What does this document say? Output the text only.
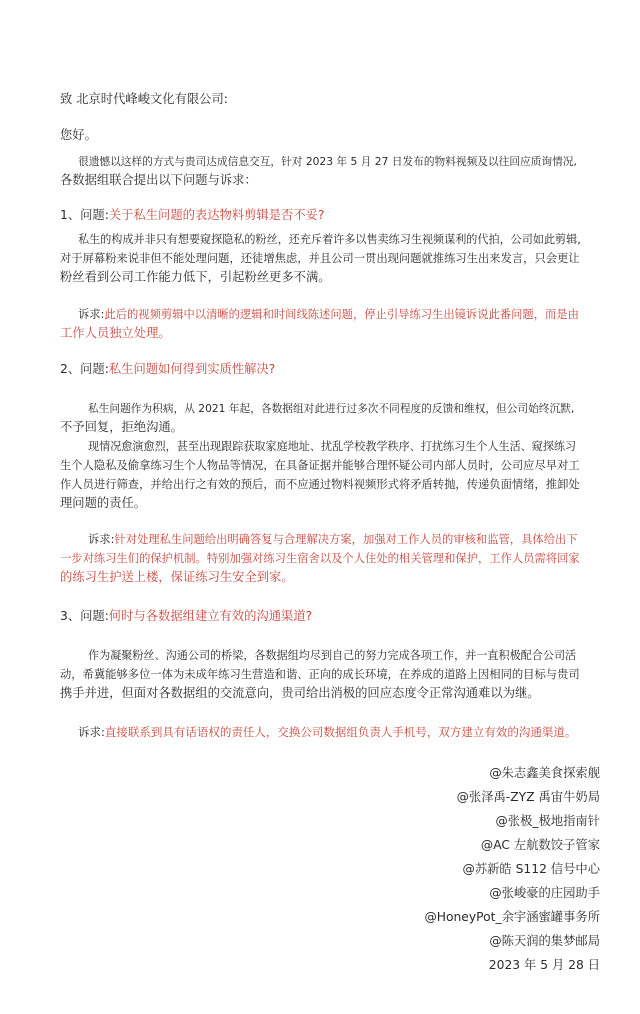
致 北京时代峰峻文化有限公司:
您好。
很遗憾以这样的方式与贵司达成信息交互，针对 2023 年 5 月 27 日发布的物料视频及以往回应质询情况,
各数据组联合提出以下问题与诉求：
1、问题:关于私生问题的表达物料剪辑是否不妥?
私生的构成并非只有想要窥探隐私的粉丝，还充斥着许多以售卖练习生视频谋利的代拍，公司如此剪辑,
对于屏幕粉来说非但不能处理问题，还徒增焦虑，并且公司一贯出现问题就推练习生出来发言，只会更让
粉丝看到公司工作能力低下，引起粉丝更多不满。
诉求:此后的视频剪辑中以清晰的逻辑和时间线陈述问题，停止引导练习生出镜诉说此番问题，而是由
工作人员独立处理。
2、问题:私生问题如何得到实质性解决?
私生问题作为积病，从 2021 年起，各数据组对此进行过多次不同程度的反馈和维权，但公司始终沉默,
不予回复，拒绝沟通。
现情况愈演愈烈，甚至出现跟踪获取家庭地址、扰乱学校教学秩序、打扰练习生个人生活、窥探练习
生个人隐私及偷拿练习生个人物品等情况，在具备证据并能够合理怀疑公司内部人员时，公司应尽早对工
作人员进行筛查，并给出行之有效的预后，而不应通过物料视频形式将矛盾转抛，传递负面情绪，推卸处
理问题的责任。
诉求:针对处理私生问题给出明确答复与合理解决方案，加强对工作人员的审核和监管，具体给出下
一步对练习生们的保护机制。特别加强对练习生宿舍以及个人住处的相关管理和保护，工作人员需将回家
的练习生护送上楼，保证练习生安全到家。
3、问题:何时与各数据组建立有效的沟通渠道?
作为凝聚粉丝、沟通公司的桥梁，各数据组均尽到自己的努力完成各项工作，并一直积极配合公司活
动，希冀能够多位一体为未成年练习生营造和谐、正向的成长环境，在养成的道路上因相同的目标与贵司
携手并进，但面对各数据组的交流意向，贵司给出消极的回应态度令正常沟通难以为继。
诉求:直接联系到具有话语权的责任人，交换公司数据组负责人手机号，双方建立有效的沟通渠道。
@朱志鑫美食探索舰
@张泽禹-ZYZ 禹宙牛奶局
@张极_极地指南针
@AC 左航数饺子管家
@苏新皓 S112 信号中心
@张峻豪的庄园助手
@HoneyPot_余宇涵蜜罐事务所
@陈天润的集梦邮局
2023 年 5 月 28 日
